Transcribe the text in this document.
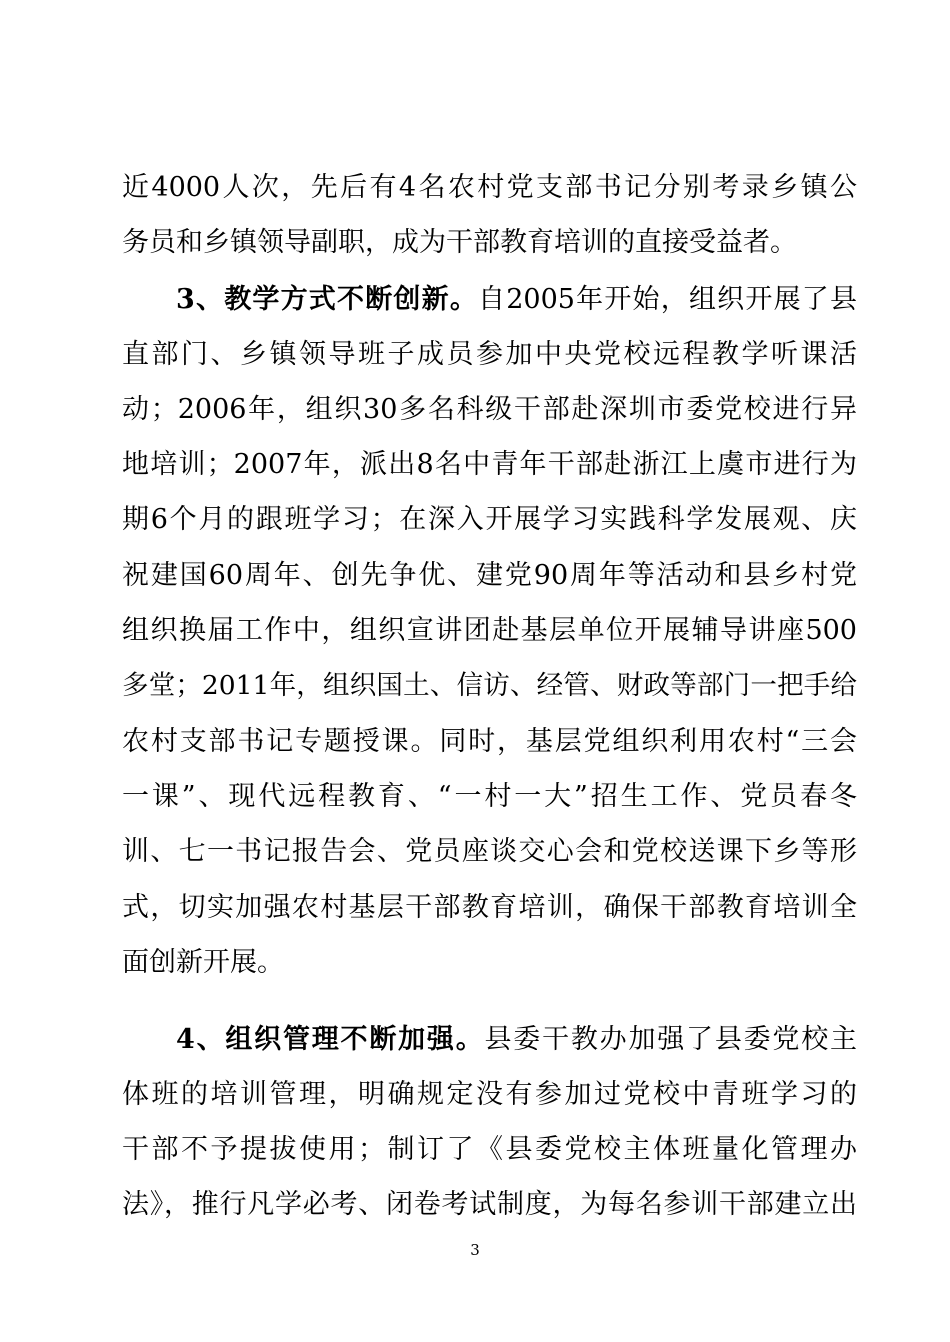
近4000人次，先后有4名农村党支部书记分别考录乡镇公
务员和乡镇领导副职，成为干部教育培训的直接受益者。
3、教学方式不断创新。自2005年开始，组织开展了县
直部门、乡镇领导班子成员参加中央党校远程教学听课活
动；2006年，组织30多名科级干部赴深圳市委党校进行异
地培训；2007年，派出8名中青年干部赴浙江上虞市进行为
期6个月的跟班学习；在深入开展学习实践科学发展观、庆
祝建国60周年、创先争优、建党90周年等活动和县乡村党
组织换届工作中，组织宣讲团赴基层单位开展辅导讲座500
多堂；2011年，组织国土、信访、经管、财政等部门一把手给
农村支部书记专题授课。同时，基层党组织利用农村“三会
一课”、现代远程教育、“一村一大”招生工作、党员春冬
训、七一书记报告会、党员座谈交心会和党校送课下乡等形
式，切实加强农村基层干部教育培训，确保干部教育培训全
面创新开展。
4、组织管理不断加强。县委干教办加强了县委党校主
体班的培训管理，明确规定没有参加过党校中青班学习的
干部不予提拔使用；制订了《县委党校主体班量化管理办
法》，推行凡学必考、闭卷考试制度，为每名参训干部建立出
3
